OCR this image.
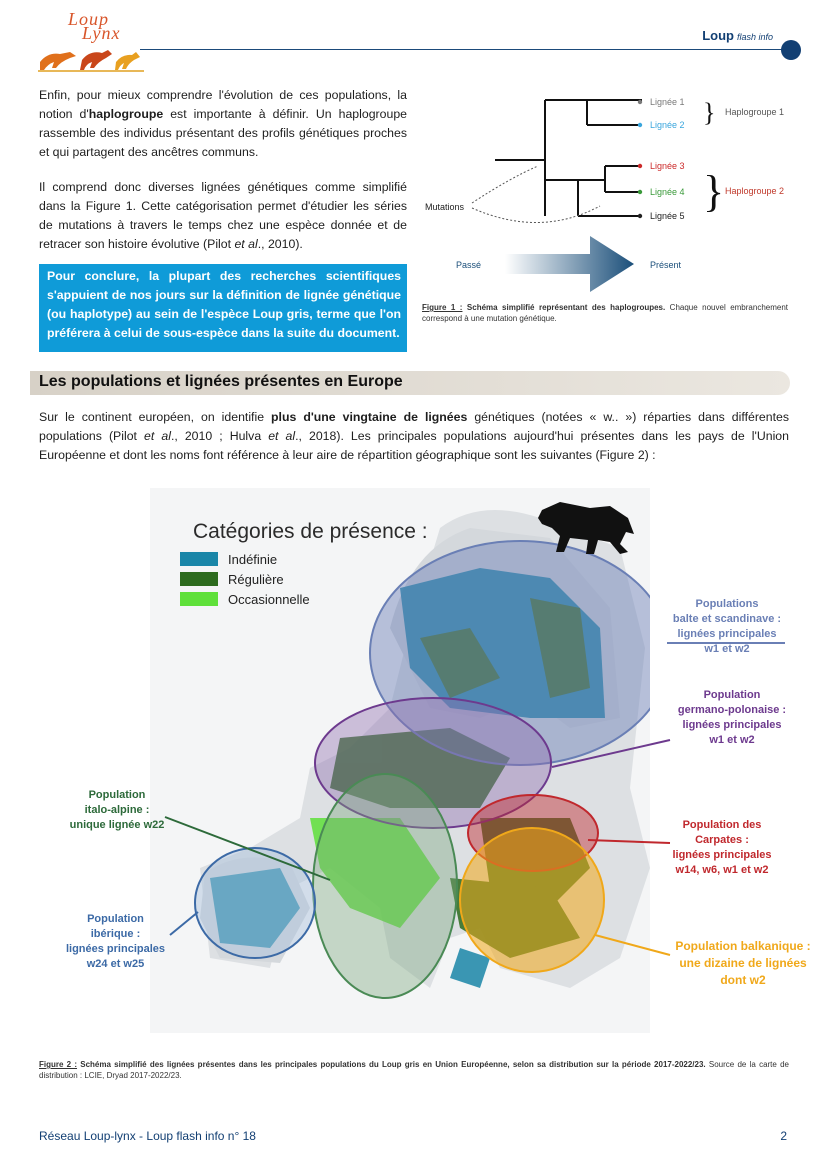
Loup
Lynx	Loup flash info
Enfin, pour mieux comprendre l'évolution de ces populations, la notion d'haplogroupe est importante à définir. Un haplogroupe rassemble des individus présentant des profils génétiques proches et qui partagent des ancêtres communs.
Il comprend donc diverses lignées génétiques comme simplifié dans la Figure 1. Cette catégorisation permet d'étudier les séries de mutations à travers le temps chez une espèce donnée et de retracer son histoire évolutive (Pilot et al., 2010).
Pour conclure, la plupart des recherches scientifiques s'appuient de nos jours sur la définition de lignée génétique (ou haplotype) au sein de l'espèce Loup gris, terme que l'on préférera à celui de sous-espèce dans la suite du document.
Lignée 1
Lignée 2
Lignée 3
Lignée 4
Lignée 5
}
}
Haplogroupe 1
Haplogroupe 2
Mutations
Passé	Présent
Figure 1 : Schéma simplifié représentant des haplogroupes. Chaque nouvel embranchement correspond à une mutation génétique.
Les populations et lignées présentes en Europe
Sur le continent européen, on identifie plus d'une vingtaine de lignées génétiques (notées « w.. ») réparties dans différentes populations (Pilot et al., 2010 ; Hulva et al., 2018). Les principales populations aujourd'hui présentes dans les pays de l'Union Européenne et dont les noms font référence à leur aire de répartition géographique sont les suivantes (Figure 2) :
Catégories de présence :
Indéfinie
Régulière
Occasionnelle	Populations
balte et scandinave :
lignées principales
w1 et w2
Population
germano-polonaise :
lignées principales
w1 et w2
Population
italo-alpine :
unique lignée w22	Population des
Carpates :
lignées principales
w14, w6, w1 et w2
Population
ibérique :
lignées principales
w24 et w25
Population balkanique :
une dizaine de lignées
dont w2
Figure 2 : Schéma simplifié des lignées présentes dans les principales populations du Loup gris en Union Européenne, selon sa distribution sur la période 2017-2022/23. Source de la carte de distribution : LCIE, Dryad 2017-2022/23.
Réseau Loup-lynx - Loup flash info n° 18	2
